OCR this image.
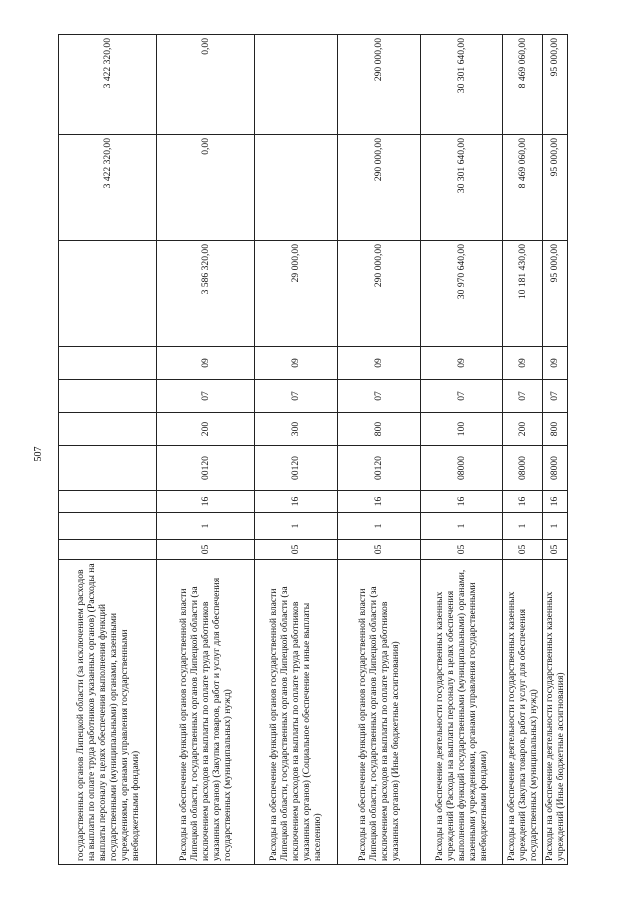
507
государственных органов Липецкой области (за исключением расходов на выплаты по оплате труда работников указанных органов) (Расходы на выплаты персоналу в целях обеспечения выполнения функций государственными (муниципальными) органами, казенными учреждениями, органами управления государственными внебюджетными фондами)									3 422 320,00	3 422 320,00
Расходы на обеспечение функций органов государственной власти Липецкой области, государственных органов Липецкой области (за исключением расходов на выплаты по оплате труда работников указанных органов) (Закупка товаров, работ и услуг для обеспечения государственных (муниципальных) нужд)	05	1	16	00120	200	07	09	3 586 320,00	0,00	0,00
Расходы на обеспечение функций органов государственной власти Липецкой области, государственных органов Липецкой области (за исключением расходов на выплаты по оплате труда работников указанных органов) (Социальное обеспечение и иные выплаты населению)	05	1	16	00120	300	07	09	29 000,00		
Расходы на обеспечение функций органов государственной власти Липецкой области, государственных органов Липецкой области (за исключением расходов на выплаты по оплате труда работников указанных органов) (Иные бюджетные ассигнования)	05	1	16	00120	800	07	09	290 000,00	290 000,00	290 000,00
Расходы на обеспечение деятельности государственных казенных учреждений (Расходы на выплаты персоналу в целях обеспечения выполнения функций государственными (муниципальными) органами, казенными учреждениями, органами управления государственными внебюджетными фондами)	05	1	16	08000	100	07	09	30 970 640,00	30 301 640,00	30 301 640,00
Расходы на обеспечение деятельности государственных казенных учреждений (Закупка товаров, работ и услуг для обеспечения государственных (муниципальных) нужд)	05	1	16	08000	200	07	09	10 181 430,00	8 469 060,00	8 469 060,00
Расходы на обеспечение деятельности государственных казенных учреждений (Иные бюджетные ассигнования)	05	1	16	08000	800	07	09	95 000,00	95 000,00	95 000,00
